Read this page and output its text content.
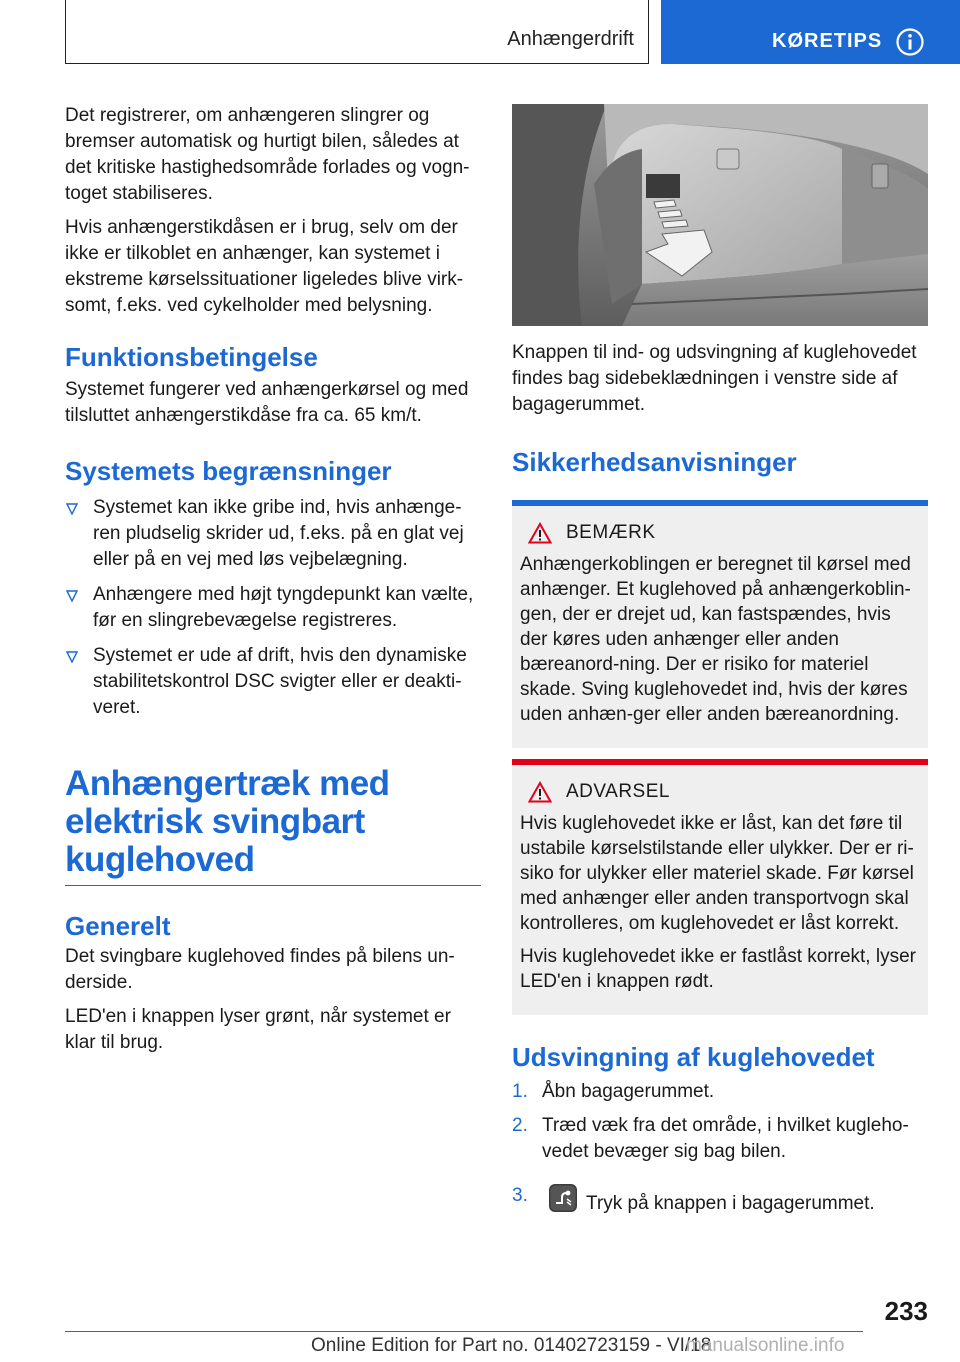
Anhængerdrift	KØRETIPS

Det registrerer, om anhængeren slingrer og bremser automatisk og hurtigt bilen, således at det kritiske hastighedsområde forlades og vogn-toget stabiliseres.

Hvis anhængerstikdåsen er i brug, selv om der ikke er tilkoblet en anhænger, kan systemet i ekstreme kørselssituationer ligeledes blive virk-somt, f.eks. ved cykelholder med belysning.

Funktionsbetingelse

Systemet fungerer ved anhængerkørsel og med tilsluttet anhængerstikdåse fra ca. 65 km/t.

Systemets begrænsninger
Systemet kan ikke gribe ind, hvis anhænge-ren pludselig skrider ud, f.eks. på en glat vej eller på en vej med løs vejbelægning.
Anhængere med højt tyngdepunkt kan vælte, før en slingrebevægelse registreres.
Systemet er ude af drift, hvis den dynamiske stabilitetskontrol DSC svigter eller er deakti-veret.
Anhængertræk med
elektrisk svingbart
kuglehoved
Generelt

Det svingbare kuglehoved findes på bilens un-derside.

LED'en i knappen lyser grønt, når systemet er klar til brug.

Knappen til ind- og udsvingning af kuglehovedet findes bag sidebeklædningen i venstre side af bagagerummet.

Sikkerhedsanvisninger
BEMÆRK

Anhængerkoblingen er beregnet til kørsel med anhænger. Et kuglehoved på anhængerkoblin-gen, der er drejet ud, kan fastspændes, hvis der køres uden anhænger eller anden bæreanord-ning. Der er risiko for materiel skade. Sving kuglehovedet ind, hvis der køres uden anhæn-ger eller anden bæreanordning.

ADVARSEL

Hvis kuglehovedet ikke er låst, kan det føre til ustabile kørselstilstande eller ulykker. Der er ri-siko for ulykker eller materiel skade. Før kørsel med anhænger eller anden transportvogn skal kontrolleres, om kuglehovedet er låst korrekt.

Hvis kuglehovedet ikke er fastlåst korrekt, lyser LED'en i knappen rødt.

Udsvingning af kuglehovedet
1. Åbn bagagerummet.
2. Træd væk fra det område, i hvilket kugleho-vedet bevæger sig bag bilen.
3.	Tryk på knappen i bagagerummet.
233
Online Edition for Part no. 01402723159 - VI/18
manualsonline.info
